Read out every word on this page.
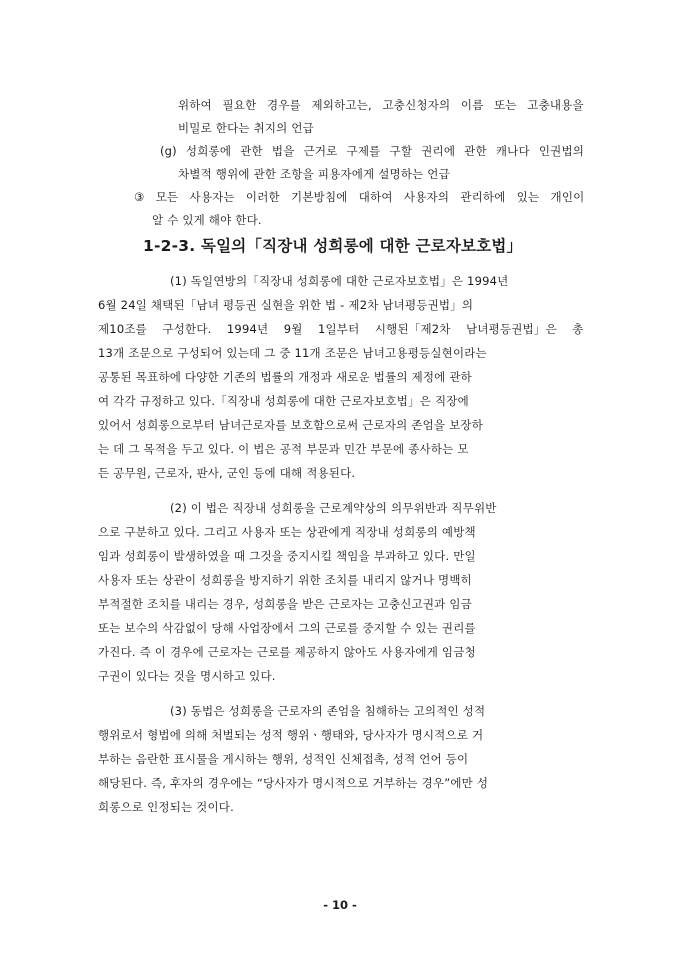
위하여 필요한 경우를 제외하고는, 고충신청자의 이름 또는 고충내용을
비밀로 한다는 취지의 언급
(g) 성희롱에 관한 법을 근거로 구제를 구할 권리에 관한 캐나다 인권법의
차별적 행위에 관한 조항을 피용자에게 설명하는 언급
③ 모든 사용자는 이러한 기본방침에 대하여 사용자의 관리하에 있는 개인이
알 수 있게 해야 한다.
1-2-3. 독일의「직장내 성희롱에 대한 근로자보호법」
(1) 독일연방의「직장내 성희롱에 대한 근로자보호법」은 1994년
6월 24일 채택된「남녀 평등권 실현을 위한 법 - 제2차 남녀평등권법」의
제10조를 구성한다. 1994년 9월 1일부터 시행된「제2차 남녀평등권법」은 총
13개 조문으로 구성되어 있는데 그 중 11개 조문은 남녀고용평등실현이라는
공통된 목표하에 다양한 기존의 법률의 개정과 새로운 법률의 제정에 관하
여 각각 규정하고 있다.「직장내 성희롱에 대한 근로자보호법」은 직장에
있어서 성희롱으로부터 남녀근로자를 보호함으로써 근로자의 존엄을 보장하
는 데 그 목적을 두고 있다. 이 법은 공적 부문과 민간 부문에 종사하는 모
든 공무원, 근로자, 판사, 군인 등에 대해 적용된다.
(2) 이 법은 직장내 성희롱을 근로계약상의 의무위반과 직무위반
으로 구분하고 있다. 그리고 사용자 또는 상관에게 직장내 성희롱의 예방책
임과 성희롱이 발생하였을 때 그것을 중지시킬 책임을 부과하고 있다. 만일
사용자 또는 상관이 성희롱을 방지하기 위한 조치를 내리지 않거나 명백히
부적절한 조치를 내리는 경우, 성희롱을 받은 근로자는 고충신고권과 임금
또는 보수의 삭감없이 당해 사업장에서 그의 근로를 중지할 수 있는 권리를
가진다. 즉 이 경우에 근로자는 근로를 제공하지 않아도 사용자에게 임금청
구권이 있다는 것을 명시하고 있다.
(3) 동법은 성희롱을 근로자의 존엄을 침해하는 고의적인 성적
행위로서 형법에 의해 처벌되는 성적 행위ㆍ행태와, 당사자가 명시적으로 거
부하는 음란한 표시물을 게시하는 행위, 성적인 신체접촉, 성적 언어 등이
해당된다. 즉, 후자의 경우에는 “당사자가 명시적으로 거부하는 경우”에만 성
희롱으로 인정되는 것이다.
- 10 -
